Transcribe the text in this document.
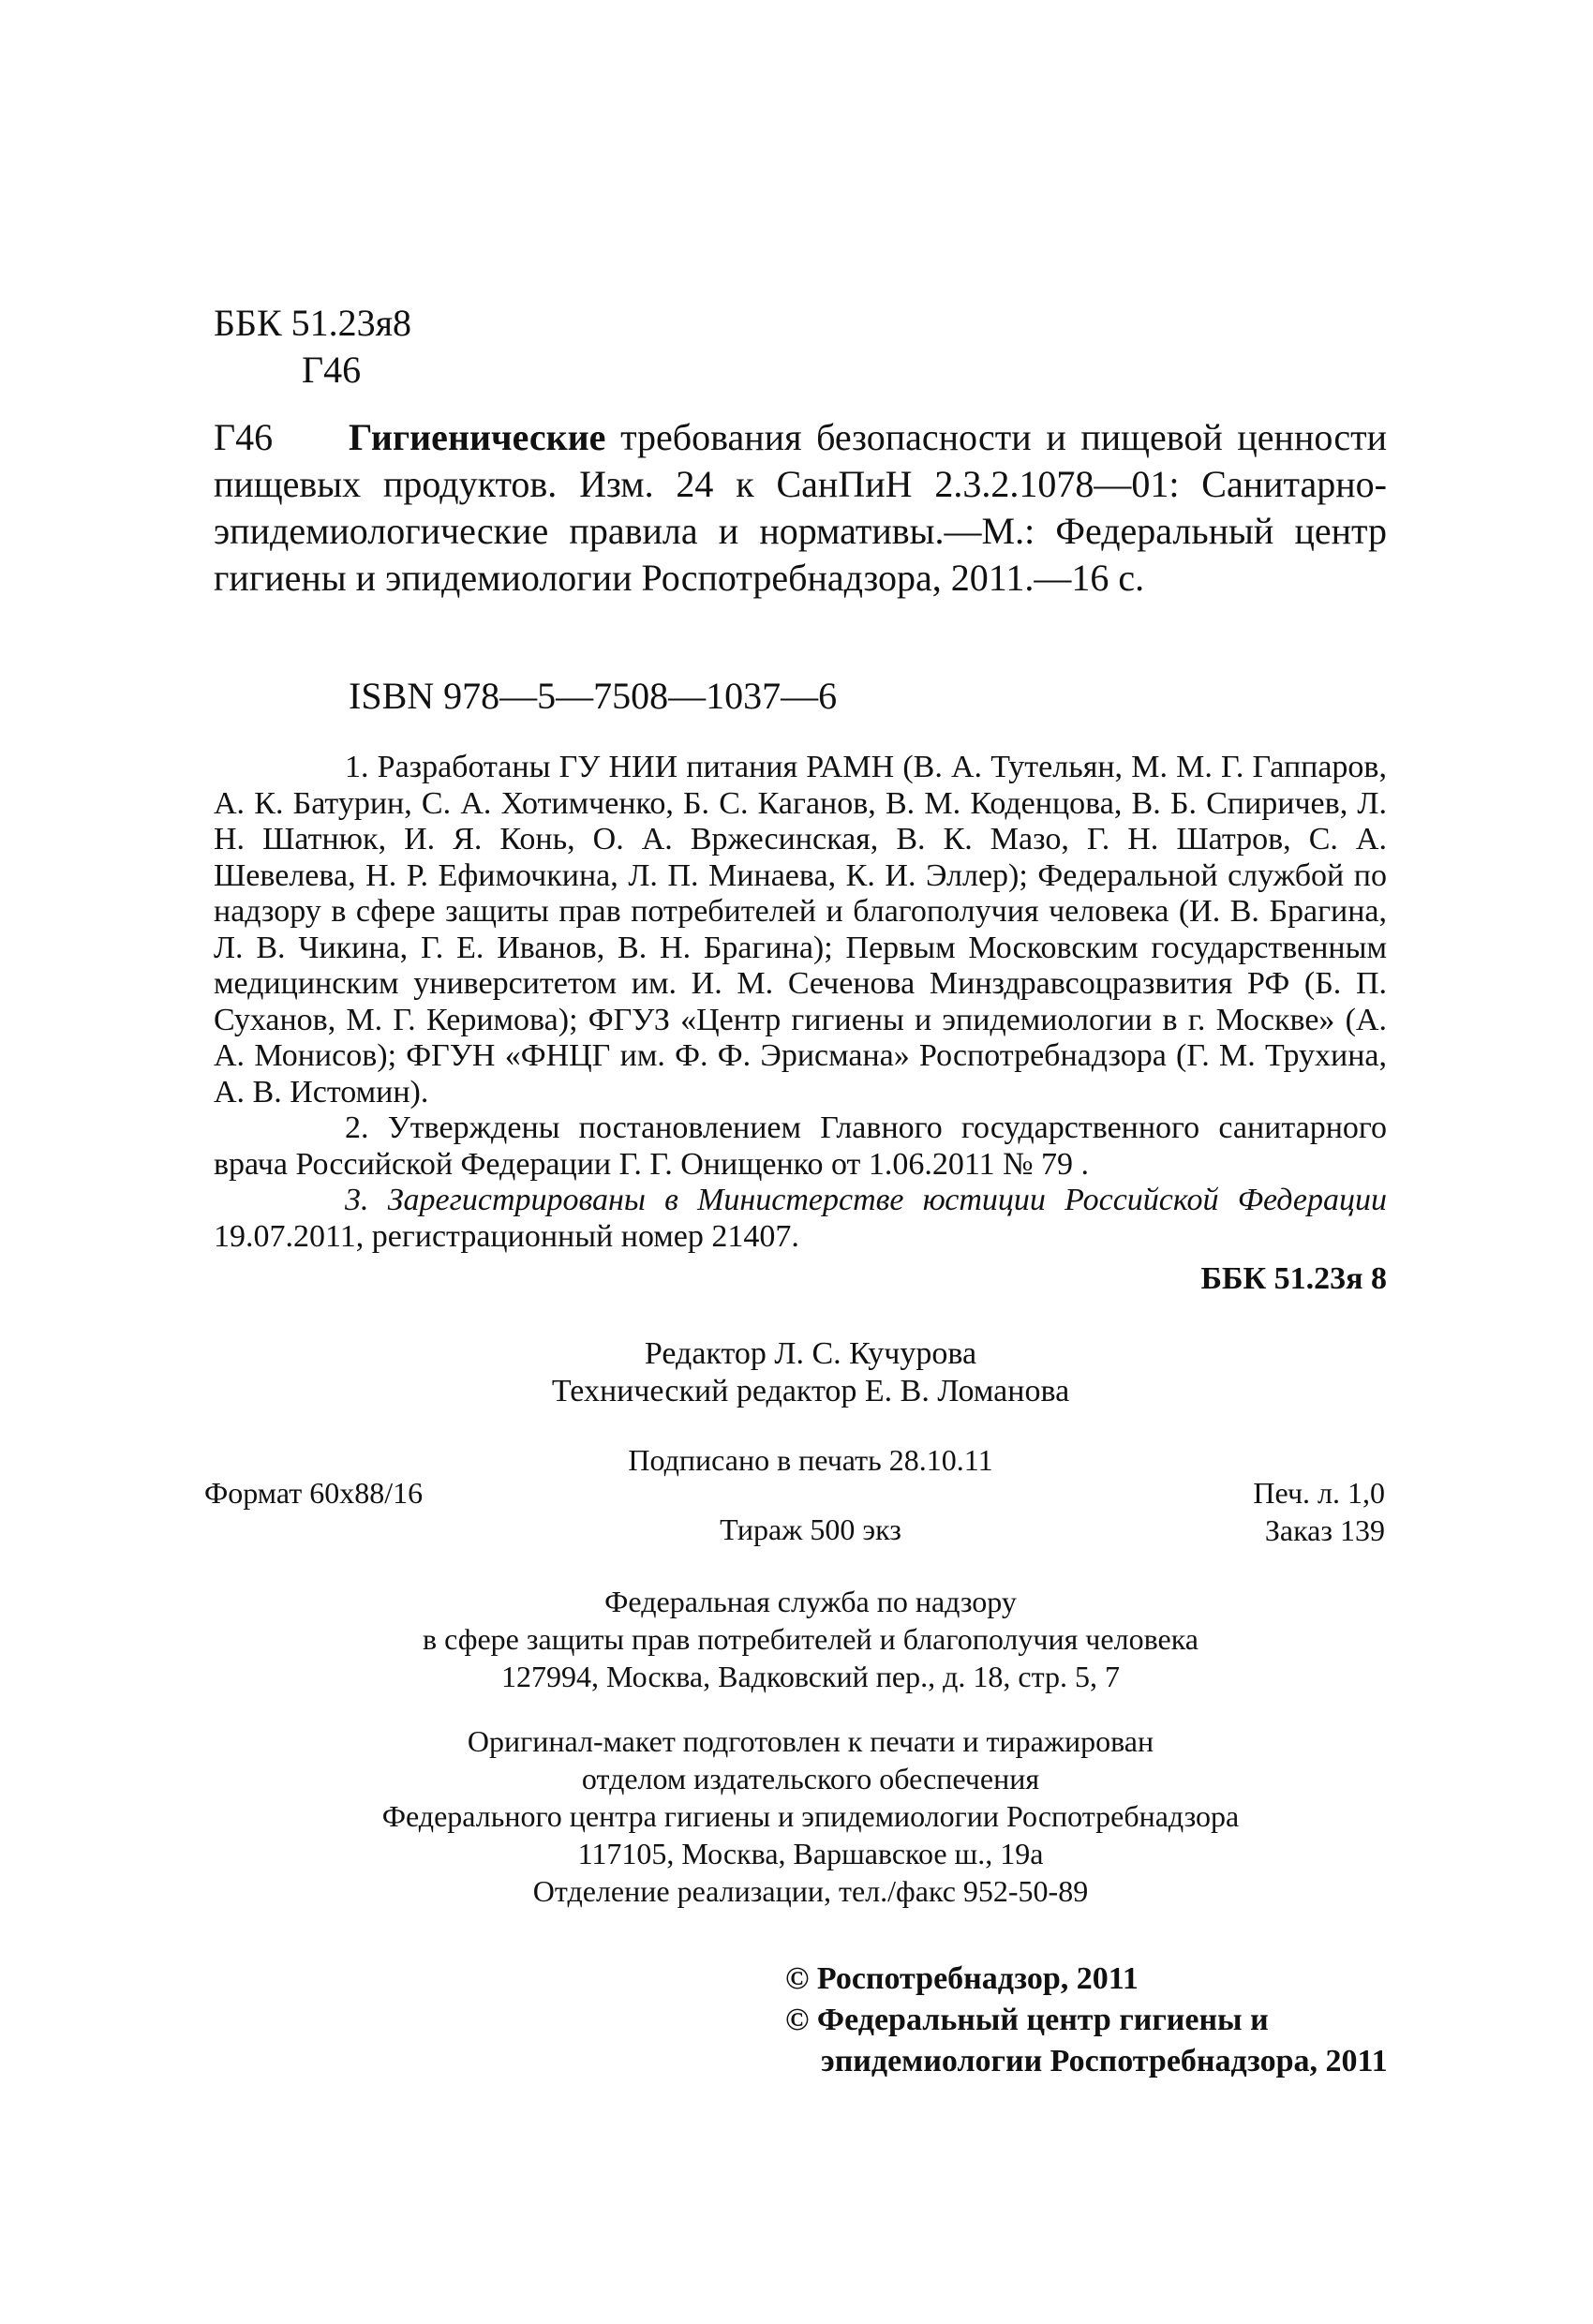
ББК 51.23я8
Г46

Г46 Гигиенические требования безопасности и пищевой ценности пищевых продуктов. Изм. 24 к СанПиН 2.3.2.1078—01: Санитарно-эпидемиологические правила и нормативы.—М.: Федеральный центр гигиены и эпидемиологии Роспотребнадзора, 2011.—16 с.

ISBN 978—5—7508—1037—6

1. Разработаны ГУ НИИ питания РАМН (В. А. Тутельян, М. М. Г. Гаппаров, А. К. Батурин, С. А. Хотимченко, Б. С. Каганов, В. М. Коденцова, В. Б. Спиричев, Л. Н. Шатнюк, И. Я. Конь, О. А. Вржесинская, В. К. Мазо, Г. Н. Шатров, С. А. Шевелева, Н. Р. Ефимочкина, Л. П. Минаева, К. И. Эллер); Федеральной службой по надзору в сфере защиты прав потребителей и благополучия человека (И. В. Брагина, Л. В. Чикина, Г. Е. Иванов, В. Н. Брагина); Первым Московским государственным медицинским университетом им. И. М. Сеченова Минздравсоцразвития РФ (Б. П. Суханов, М. Г. Керимова); ФГУЗ «Центр гигиены и эпидемиологии в г. Москве» (А. А. Монисов); ФГУН «ФНЦГ им. Ф. Ф. Эрисмана» Роспотребнадзора (Г. М. Трухина, А. В. Истомин).

2. Утверждены постановлением Главного государственного санитарного врача Российской Федерации Г. Г. Онищенко от 1.06.2011 № 79 .

3. Зарегистрированы в Министерстве юстиции Российской Федерации 19.07.2011, регистрационный номер 21407.

ББК 51.23я 8
Редактор Л. С. Кучурова
Технический редактор Е. В. Ломанова
Подписано в печать 28.10.11
Формат 60x88/16	Печ. л. 1,0
Заказ 139
Тираж 500 экз
Федеральная служба по надзору
в сфере защиты прав потребителей и благополучия человека
127994, Москва, Вадковский пер., д. 18, стр. 5, 7
Оригинал-макет подготовлен к печати и тиражирован
отделом издательского обеспечения
Федерального центра гигиены и эпидемиологии Роспотребнадзора
117105, Москва, Варшавское ш., 19а
Отделение реализации, тел./факс 952-50-89
© Роспотребнадзор, 2011
© Федеральный центр гигиены и
эпидемиологии Роспотребнадзора, 2011
